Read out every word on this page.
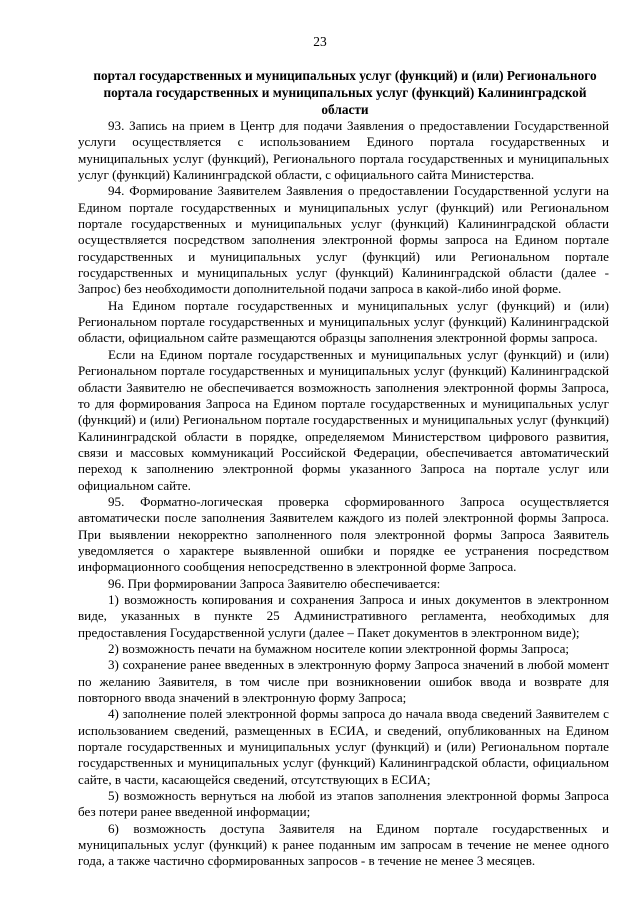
23
портал государственных и муниципальных услуг (функций) и (или) Регионального
портала государственных и муниципальных услуг (функций) Калининградской области

93. Запись на прием в Центр для подачи Заявления о предоставлении Государственной услуги осуществляется с использованием Единого портала государственных и муниципальных услуг (функций), Регионального портала государственных и муниципальных услуг (функций) Калининградской области, с официального сайта Министерства.

94. Формирование Заявителем Заявления о предоставлении Государственной услуги на Едином портале государственных и муниципальных услуг (функций) или Региональном портале государственных и муниципальных услуг (функций) Калининградской области осуществляется посредством заполнения электронной формы запроса на Едином портале государственных и муниципальных услуг (функций) или Региональном портале государственных и муниципальных услуг (функций) Калининградской области (далее - Запрос) без необходимости дополнительной подачи запроса в какой-либо иной форме.

На Едином портале государственных и муниципальных услуг (функций) и (или) Региональном портале государственных и муниципальных услуг (функций) Калининградской области, официальном сайте размещаются образцы заполнения электронной формы запроса.

Если на Едином портале государственных и муниципальных услуг (функций) и (или) Региональном портале государственных и муниципальных услуг (функций) Калининградской области Заявителю не обеспечивается возможность заполнения электронной формы Запроса, то для формирования Запроса на Едином портале государственных и муниципальных услуг (функций) и (или) Региональном портале государственных и муниципальных услуг (функций) Калининградской области в порядке, определяемом Министерством цифрового развития, связи и массовых коммуникаций Российской Федерации, обеспечивается автоматический переход к заполнению электронной формы указанного Запроса на портале услуг или официальном сайте.

95. Форматно-логическая проверка сформированного Запроса осуществляется автоматически после заполнения Заявителем каждого из полей электронной формы Запроса. При выявлении некорректно заполненного поля электронной формы Запроса Заявитель уведомляется о характере выявленной ошибки и порядке ее устранения посредством информационного сообщения непосредственно в электронной форме Запроса.

96. При формировании Запроса Заявителю обеспечивается:

1) возможность копирования и сохранения Запроса и иных документов в электронном виде, указанных в пункте 25 Административного регламента, необходимых для предоставления Государственной услуги (далее – Пакет документов в электронном виде);

2) возможность печати на бумажном носителе копии электронной формы Запроса;

3) сохранение ранее введенных в электронную форму Запроса значений в любой момент по желанию Заявителя, в том числе при возникновении ошибок ввода и возврате для повторного ввода значений в электронную форму Запроса;

4) заполнение полей электронной формы запроса до начала ввода сведений Заявителем с использованием сведений, размещенных в ЕСИА, и сведений, опубликованных на Едином портале государственных и муниципальных услуг (функций) и (или) Региональном портале государственных и муниципальных услуг (функций) Калининградской области, официальном сайте, в части, касающейся сведений, отсутствующих в ЕСИА;

5) возможность вернуться на любой из этапов заполнения электронной формы Запроса без потери ранее введенной информации;

6) возможность доступа Заявителя на Едином портале государственных и муниципальных услуг (функций) к ранее поданным им запросам в течение не менее одного года, а также частично сформированных запросов - в течение не менее 3 месяцев.
